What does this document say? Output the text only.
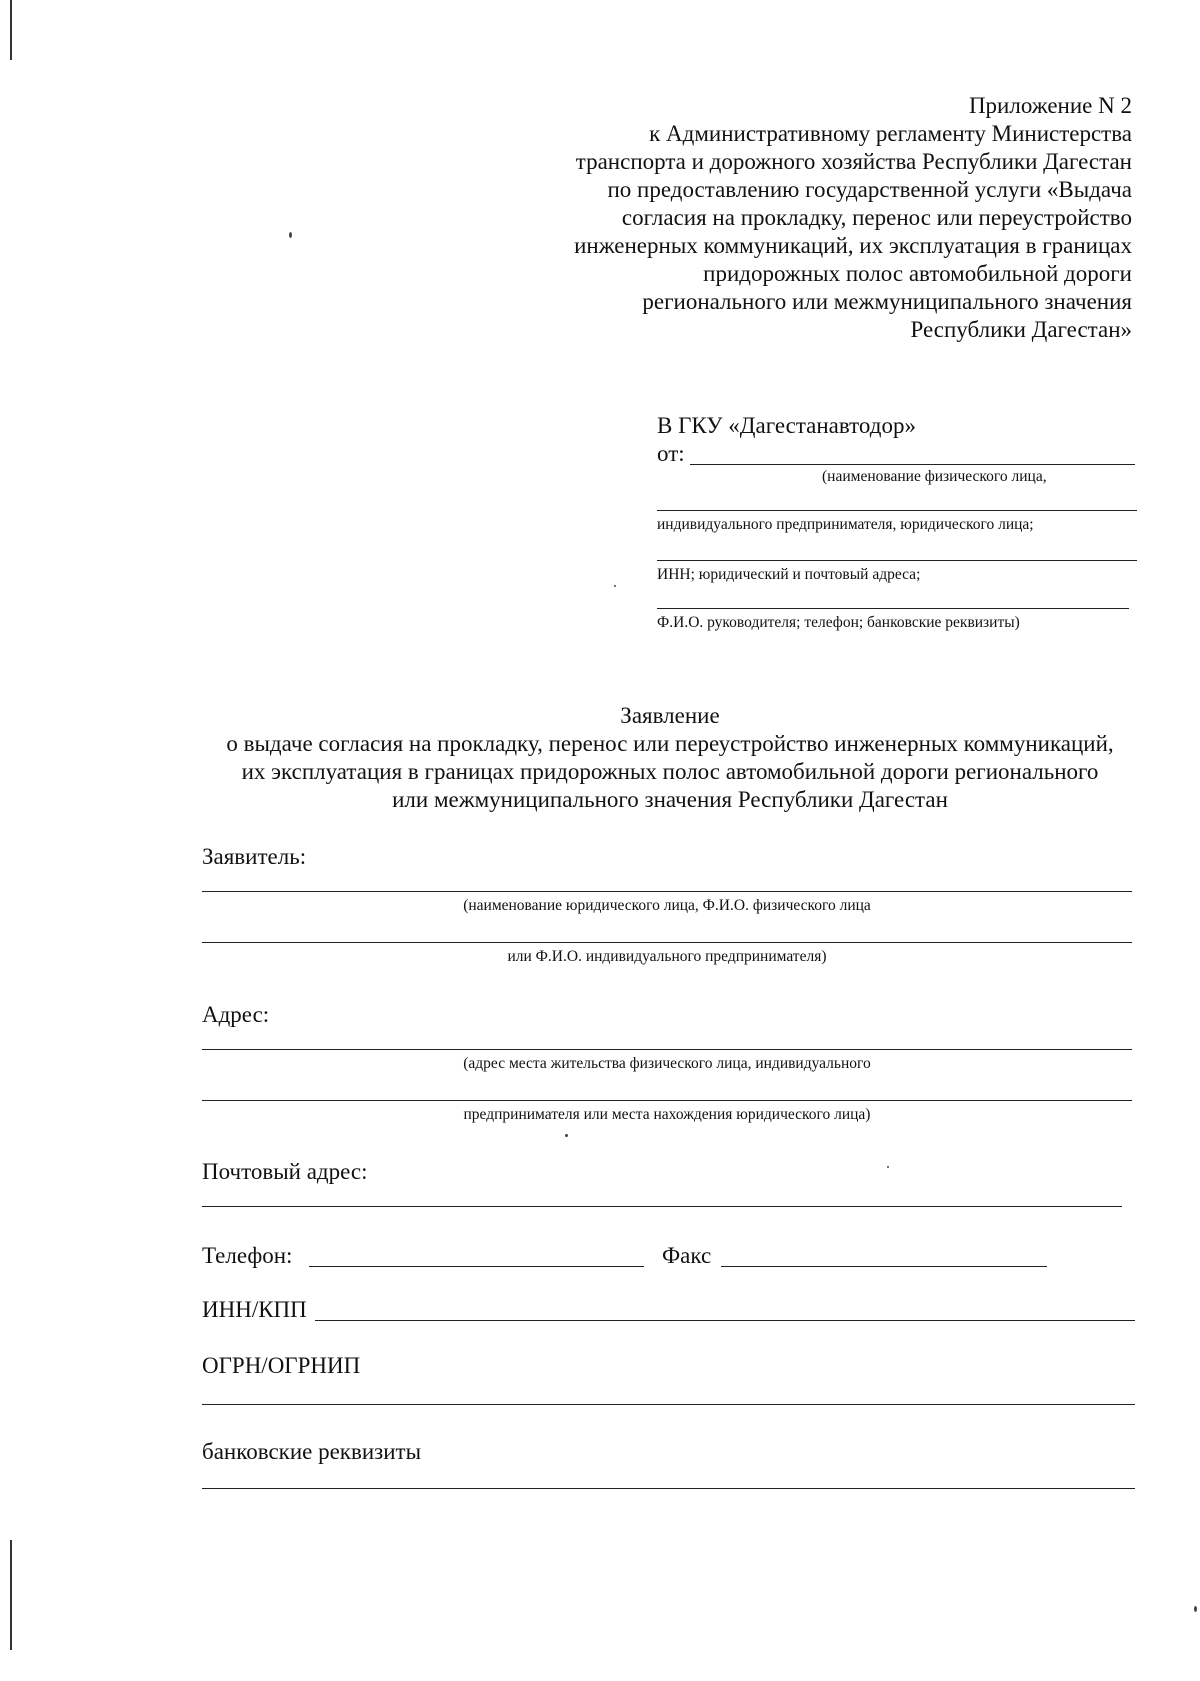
Приложение N 2
к Административному регламенту Министерства
транспорта и дорожного хозяйства Республики Дагестан
по предоставлению государственной услуги «Выдача
согласия на прокладку, перенос или переустройство
инженерных коммуникаций, их эксплуатация в границах
придорожных полос автомобильной дороги
регионального или межмуниципального значения
Республики Дагестан»
В ГКУ «Дагестанавтодор»
от:
(наименование физического лица,
индивидуального предпринимателя, юридического лица;
ИНН; юридический и почтовый адреса;
Ф.И.О. руководителя; телефон; банковские реквизиты)
Заявление
о выдаче согласия на прокладку, перенос или переустройство инженерных коммуникаций,
их эксплуатация в границах придорожных полос автомобильной дороги регионального
или межмуниципального значения Республики Дагестан
Заявитель:
(наименование юридического лица, Ф.И.О. физического лица
или Ф.И.О. индивидуального предпринимателя)
Адрес:
(адрес места жительства физического лица, индивидуального
предпринимателя или места нахождения юридического лица)
Почтовый адрес:
Телефон:	Факс
ИНН/КПП
ОГРН/ОГРНИП
банковские реквизиты
